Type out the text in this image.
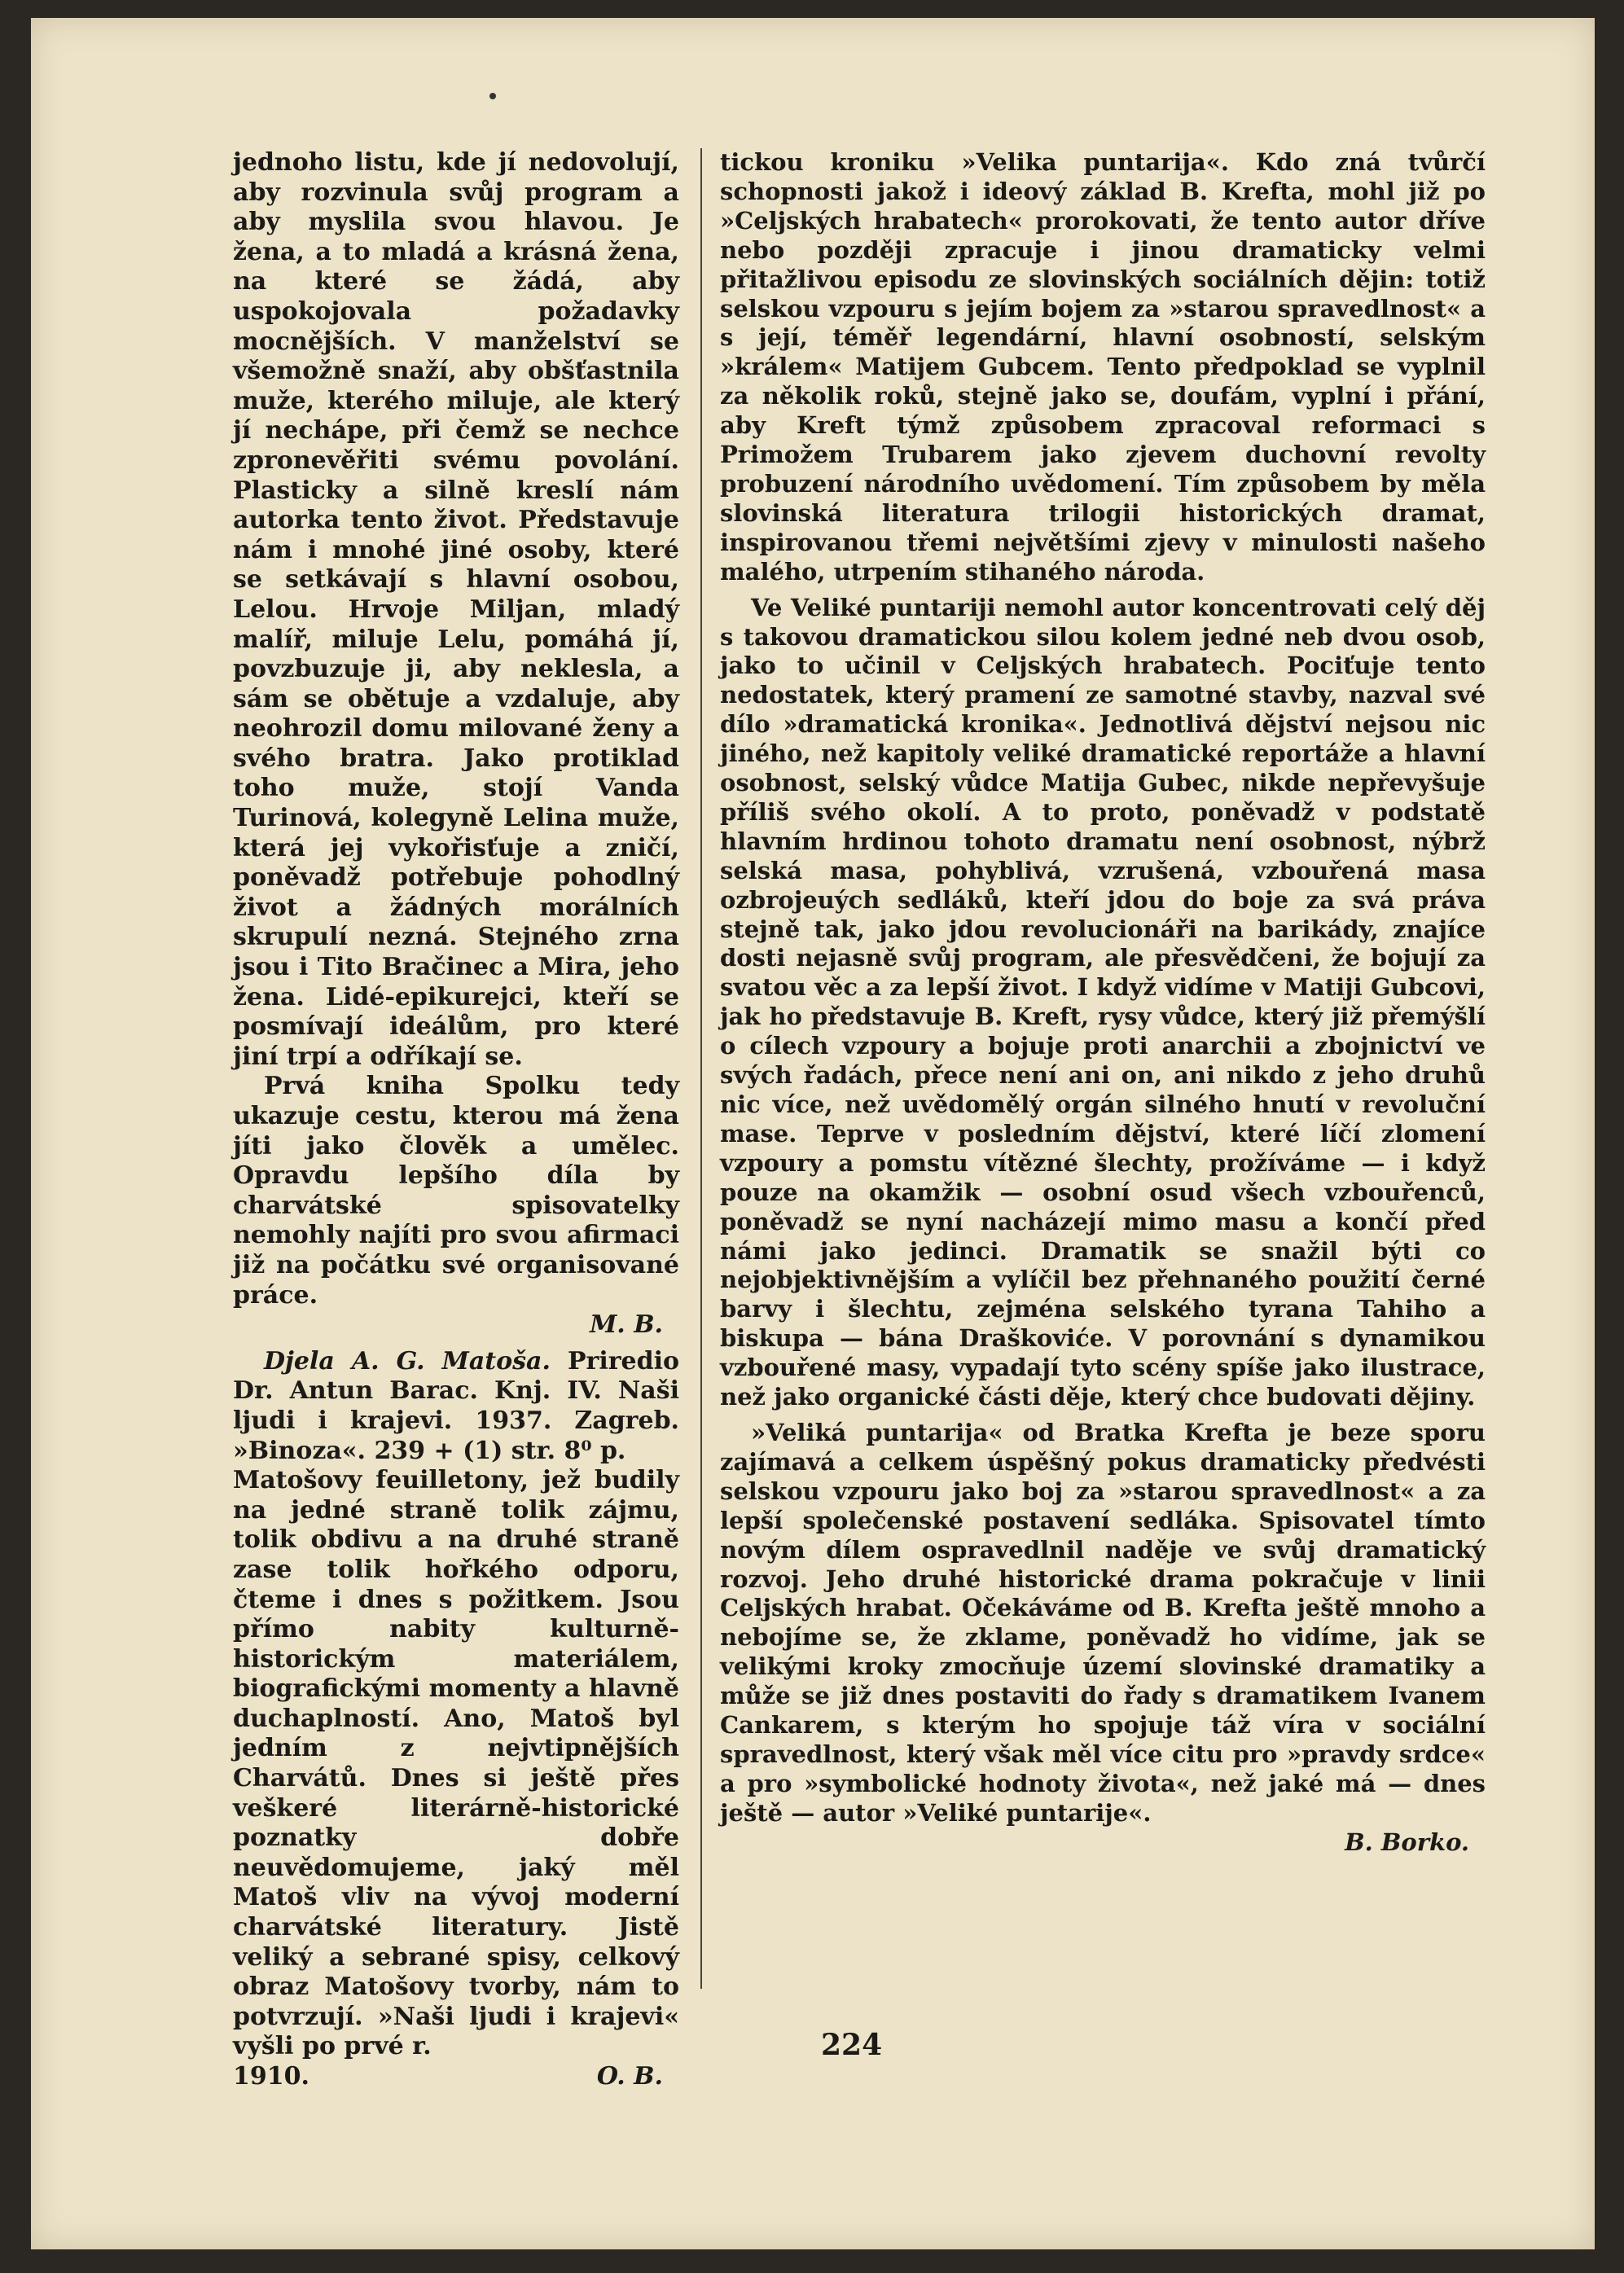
jednoho listu, kde jí nedovolují, aby rozvinula svůj program a aby myslila svou hlavou. Je žena, a to mladá a krásná žena, na které se žádá, aby uspokojovala požadavky mocnějších. V manželství se všemožně snaží, aby obšťastnila muže, kterého miluje, ale který jí nechápe, při čemž se nechce zpronevěřiti svému povolání. Plasticky a silně kreslí nám autorka tento život. Představuje nám i mnohé jiné osoby, které se setkávají s hlavní osobou, Lelou. Hrvoje Miljan, mladý malíř, miluje Lelu, pomáhá jí, povzbuzuje ji, aby neklesla, a sám se obětuje a vzdaluje, aby neohrozil domu milované ženy a svého bratra. Jako protiklad toho muže, stojí Vanda Turinová, kolegyně Lelina muže, která jej vykořisťuje a zničí, poněvadž potřebuje pohodlný život a žádných morálních skrupulí nezná. Stejného zrna jsou i Tito Bračinec a Mira, jeho žena. Lidé-epikurejci, kteří se posmívají ideálům, pro které jiní trpí a odříkají se.

Prvá kniha Spolku tedy ukazuje cestu, kterou má žena jíti jako člověk a umělec. Opravdu lepšího díla by charvátské spisovatelky nemohly najíti pro svou afirmaci již na počátku své organisované práce.

M. B.

Djela A. G. Matoša. Priredio Dr. Antun Barac. Knj. IV. Naši ljudi i krajevi. 1937. Zagreb. »Binoza«. 239 + (1) str. 8⁰ p.

Matošovy feuilletony, jež budily na jedné straně tolik zájmu, tolik obdivu a na druhé straně zase tolik hořkého odporu, čteme i dnes s požitkem. Jsou přímo nabity kulturně-historickým materiálem, biografickými momenty a hlavně duchaplností. Ano, Matoš byl jedním z nejvtipnějších Charvátů. Dnes si ještě přes veškeré literárně-historické poznatky dobře neuvědomujeme, jaký měl Matoš vliv na vývoj moderní charvátské literatury. Jistě veliký a sebrané spisy, celkový obraz Matošovy tvorby, nám to potvrzují. »Naši ljudi i krajevi« vyšli po prvé r.

1910.	O. B.

tickou kroniku »Velika puntarija«. Kdo zná tvůrčí schopnosti jakož i ideový základ B. Krefta, mohl již po »Celjských hrabatech« prorokovati, že tento autor dříve nebo později zpracuje i jinou dramaticky velmi přitažlivou episodu ze slovinských sociálních dějin: totiž selskou vzpouru s jejím bojem za »starou spravedlnost« a s její, téměř legendární, hlavní osobností, selským »králem« Matijem Gubcem. Tento předpoklad se vyplnil za několik roků, stejně jako se, doufám, vyplní i přání, aby Kreft týmž způsobem zpracoval reformaci s Primožem Trubarem jako zjevem duchovní revolty probuzení národního uvědomení. Tím způsobem by měla slovinská literatura trilogii historických dramat, inspirovanou třemi největšími zjevy v minulosti našeho malého, utrpením stihaného národa.

Ve Veliké puntariji nemohl autor koncentrovati celý děj s takovou dramatickou silou kolem jedné neb dvou osob, jako to učinil v Celjských hrabatech. Pociťuje tento nedostatek, který pramení ze samotné stavby, nazval své dílo »dramatická kronika«. Jednotlivá dějství nejsou nic jiného, než kapitoly veliké dramatické reportáže a hlavní osobnost, selský vůdce Matija Gubec, nikde nepřevyšuje příliš svého okolí. A to proto, poněvadž v podstatě hlavním hrdinou tohoto dramatu není osobnost, nýbrž selská masa, pohyblivá, vzrušená, vzbouřená masa ozbrojeuých sedláků, kteří jdou do boje za svá práva stejně tak, jako jdou revolucionáři na barikády, znajíce dosti nejasně svůj program, ale přesvědčeni, že bojují za svatou věc a za lepší život. I když vidíme v Matiji Gubcovi, jak ho představuje B. Kreft, rysy vůdce, který již přemýšlí o cílech vzpoury a bojuje proti anarchii a zbojnictví ve svých řadách, přece není ani on, ani nikdo z jeho druhů nic více, než uvědomělý orgán silného hnutí v revoluční mase. Teprve v posledním dějství, které líčí zlomení vzpoury a pomstu vítězné šlechty, prožíváme — i když pouze na okamžik — osobní osud všech vzbouřenců, poněvadž se nyní nacházejí mimo masu a končí před námi jako jedinci. Dramatik se snažil býti co nejobjektivnějším a vylíčil bez přehnaného použití černé barvy i šlechtu, zejména selského tyrana Tahiho a biskupa — bána Draškoviće. V porovnání s dynamikou vzbouřené masy, vypadají tyto scény spíše jako ilustrace, než jako organické části děje, který chce budovati dějiny.

»Veliká puntarija« od Bratka Krefta je beze sporu zajímavá a celkem úspěšný pokus dramaticky předvésti selskou vzpouru jako boj za »starou spravedlnost« a za lepší společenské postavení sedláka. Spisovatel tímto novým dílem ospravedlnil naděje ve svůj dramatický rozvoj. Jeho druhé historické drama pokračuje v linii Celjských hrabat. Očekáváme od B. Krefta ještě mnoho a nebojíme se, že zklame, poněvadž ho vidíme, jak se velikými kroky zmocňuje území slovinské dramatiky a může se již dnes postaviti do řady s dramatikem Ivanem Cankarem, s kterým ho spojuje táž víra v sociální spravedlnost, který však měl více citu pro »pravdy srdce« a pro »symbolické hodnoty života«, než jaké má — dnes ještě — autor »Veliké puntarije«.

B. Borko.

224
